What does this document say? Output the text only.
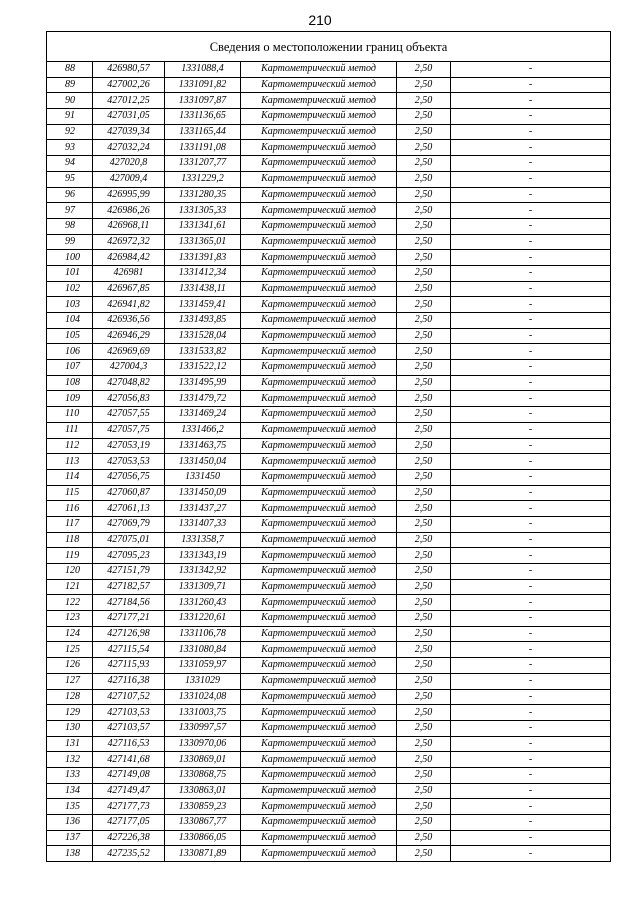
210
Сведения о местоположении границ объекта					
88	426980,57	1331088,4	Картометрический метод	2,50	-
89	427002,26	1331091,82	Картометрический метод	2,50	-
90	427012,25	1331097,87	Картометрический метод	2,50	-
91	427031,05	1331136,65	Картометрический метод	2,50	-
92	427039,34	1331165,44	Картометрический метод	2,50	-
93	427032,24	1331191,08	Картометрический метод	2,50	-
94	427020,8	1331207,77	Картометрический метод	2,50	-
95	427009,4	1331229,2	Картометрический метод	2,50	-
96	426995,99	1331280,35	Картометрический метод	2,50	-
97	426986,26	1331305,33	Картометрический метод	2,50	-
98	426968,11	1331341,61	Картометрический метод	2,50	-
99	426972,32	1331365,01	Картометрический метод	2,50	-
100	426984,42	1331391,83	Картометрический метод	2,50	-
101	426981	1331412,34	Картометрический метод	2,50	-
102	426967,85	1331438,11	Картометрический метод	2,50	-
103	426941,82	1331459,41	Картометрический метод	2,50	-
104	426936,56	1331493,85	Картометрический метод	2,50	-
105	426946,29	1331528,04	Картометрический метод	2,50	-
106	426969,69	1331533,82	Картометрический метод	2,50	-
107	427004,3	1331522,12	Картометрический метод	2,50	-
108	427048,82	1331495,99	Картометрический метод	2,50	-
109	427056,83	1331479,72	Картометрический метод	2,50	-
110	427057,55	1331469,24	Картометрический метод	2,50	-
111	427057,75	1331466,2	Картометрический метод	2,50	-
112	427053,19	1331463,75	Картометрический метод	2,50	-
113	427053,53	1331450,04	Картометрический метод	2,50	-
114	427056,75	1331450	Картометрический метод	2,50	-
115	427060,87	1331450,09	Картометрический метод	2,50	-
116	427061,13	1331437,27	Картометрический метод	2,50	-
117	427069,79	1331407,33	Картометрический метод	2,50	-
118	427075,01	1331358,7	Картометрический метод	2,50	-
119	427095,23	1331343,19	Картометрический метод	2,50	-
120	427151,79	1331342,92	Картометрический метод	2,50	-
121	427182,57	1331309,71	Картометрический метод	2,50	-
122	427184,56	1331260,43	Картометрический метод	2,50	-
123	427177,21	1331220,61	Картометрический метод	2,50	-
124	427126,98	1331106,78	Картометрический метод	2,50	-
125	427115,54	1331080,84	Картометрический метод	2,50	-
126	427115,93	1331059,97	Картометрический метод	2,50	-
127	427116,38	1331029	Картометрический метод	2,50	-
128	427107,52	1331024,08	Картометрический метод	2,50	-
129	427103,53	1331003,75	Картометрический метод	2,50	-
130	427103,57	1330997,57	Картометрический метод	2,50	-
131	427116,53	1330970,06	Картометрический метод	2,50	-
132	427141,68	1330869,01	Картометрический метод	2,50	-
133	427149,08	1330868,75	Картометрический метод	2,50	-
134	427149,47	1330863,01	Картометрический метод	2,50	-
135	427177,73	1330859,23	Картометрический метод	2,50	-
136	427177,05	1330867,77	Картометрический метод	2,50	-
137	427226,38	1330866,05	Картометрический метод	2,50	-
138	427235,52	1330871,89	Картометрический метод	2,50	-
